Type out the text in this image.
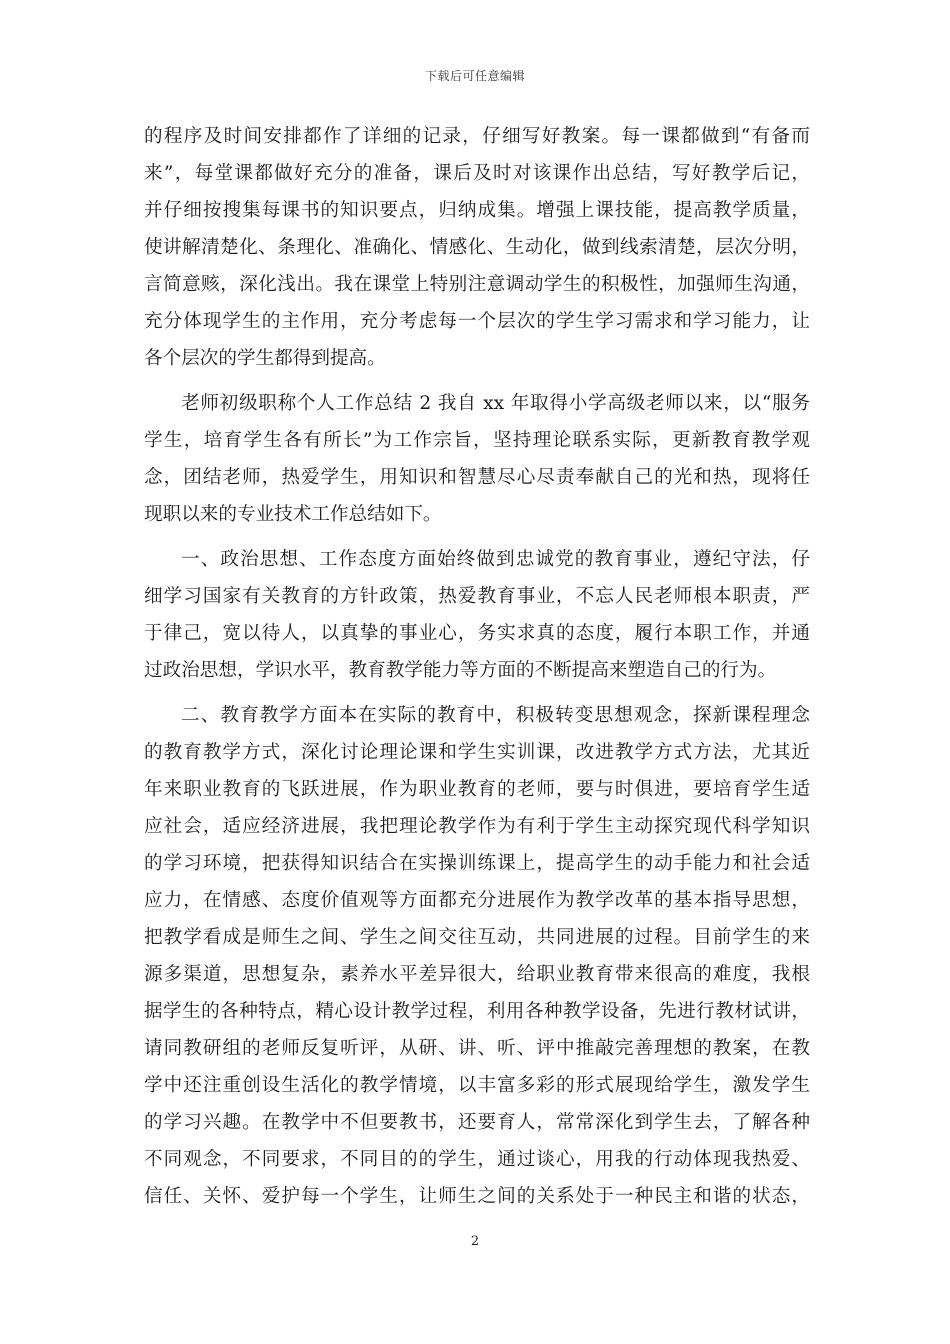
下载后可任意编辑
的程序及时间安排都作了详细的记录，仔细写好教案。每一课都做到“有备而
来”，每堂课都做好充分的准备，课后及时对该课作出总结，写好教学后记，
并仔细按搜集每课书的知识要点，归纳成集。增强上课技能，提高教学质量，
使讲解清楚化、条理化、准确化、情感化、生动化，做到线索清楚，层次分明，
言简意赅，深化浅出。我在课堂上特别注意调动学生的积极性，加强师生沟通，
充分体现学生的主作用，充分考虑每一个层次的学生学习需求和学习能力，让
各个层次的学生都得到提高。
老师初级职称个人工作总结 2 我自 xx 年取得小学高级老师以来，以“服务
学生，培育学生各有所长”为工作宗旨，坚持理论联系实际，更新教育教学观
念，团结老师，热爱学生，用知识和智慧尽心尽责奉献自己的光和热，现将任
现职以来的专业技术工作总结如下。
一、政治思想、工作态度方面始终做到忠诚党的教育事业，遵纪守法，仔
细学习国家有关教育的方针政策，热爱教育事业，不忘人民老师根本职责，严
于律己，宽以待人，以真挚的事业心，务实求真的态度，履行本职工作，并通
过政治思想，学识水平，教育教学能力等方面的不断提高来塑造自己的行为。
二、教育教学方面本在实际的教育中，积极转变思想观念，探新课程理念
的教育教学方式，深化讨论理论课和学生实训课，改进教学方式方法，尤其近
年来职业教育的飞跃进展，作为职业教育的老师，要与时俱进，要培育学生适
应社会，适应经济进展，我把理论教学作为有利于学生主动探究现代科学知识
的学习环境，把获得知识结合在实操训练课上，提高学生的动手能力和社会适
应力，在情感、态度价值观等方面都充分进展作为教学改革的基本指导思想，
把教学看成是师生之间、学生之间交往互动，共同进展的过程。目前学生的来
源多渠道，思想复杂，素养水平差异很大，给职业教育带来很高的难度，我根
据学生的各种特点，精心设计教学过程，利用各种教学设备，先进行教材试讲，
请同教研组的老师反复听评，从研、讲、听、评中推敲完善理想的教案，在教
学中还注重创设生活化的教学情境，以丰富多彩的形式展现给学生，激发学生
的学习兴趣。在教学中不但要教书，还要育人，常常深化到学生去，了解各种
不同观念，不同要求，不同目的的学生，通过谈心，用我的行动体现我热爱、
信任、关怀、爱护每一个学生，让师生之间的关系处于一种民主和谐的状态，
2
